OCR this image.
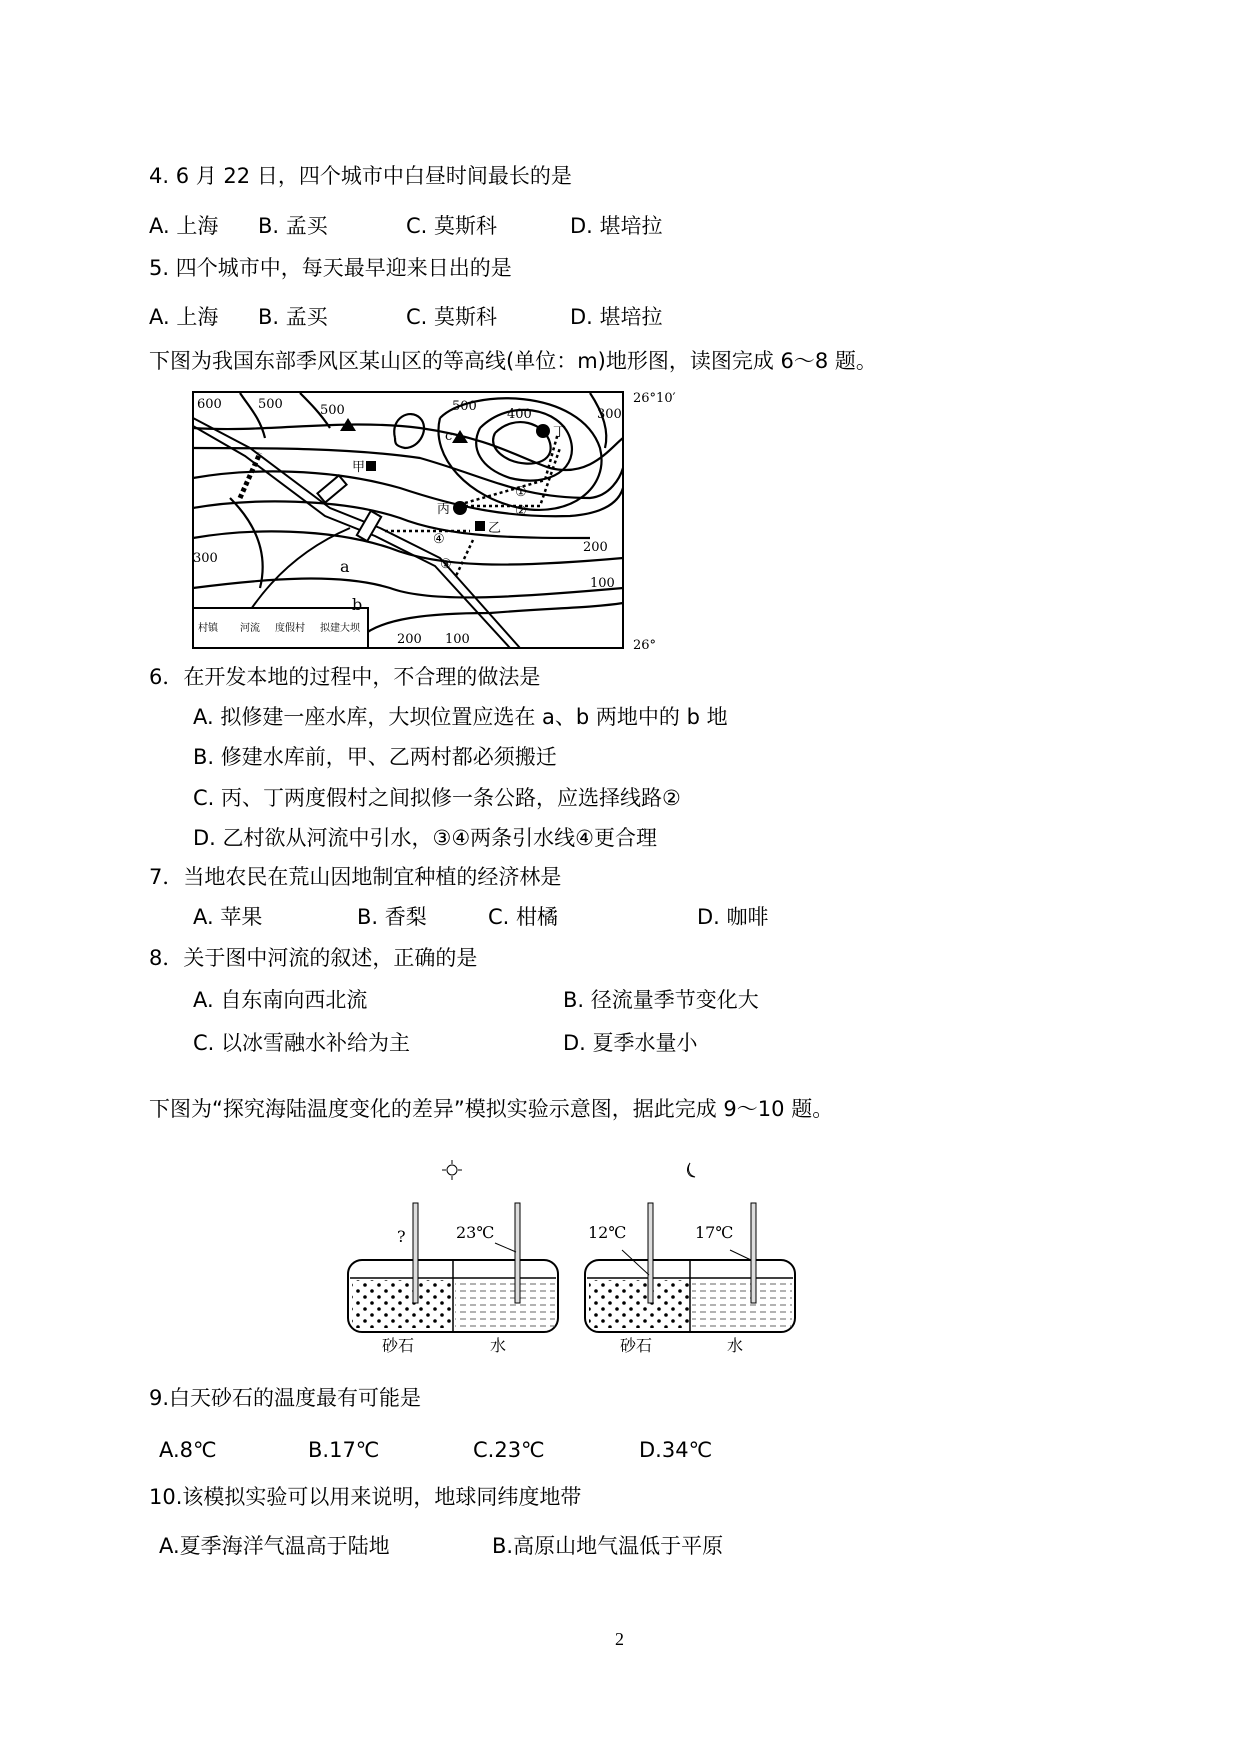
4. 6 月 22 日，四个城市中白昼时间最长的是
A. 上海 B. 孟买	C. 莫斯科	D. 堪培拉
5. 四个城市中，每天最早迎来日出的是
A. 上海 B. 孟买	C. 莫斯科	D. 堪培拉
下图为我国东部季风区某山区的等高线(单位：m)地形图，读图完成 6～8 题。
600	500	500	500
400	300
300
200
100
200 100
26°10′
26°
a
b
c
甲
乙
丙
丁
①
②
③
④
村镇 河流 度假村 拟建大坝
6．在开发本地的过程中，不合理的做法是
A. 拟修建一座水库，大坝位置应选在 a、b 两地中的 b 地
B. 修建水库前，甲、乙两村都必须搬迁
C. 丙、丁两度假村之间拟修一条公路，应选择线路②
D. 乙村欲从河流中引水，③④两条引水线④更合理
7．当地农民在荒山因地制宜种植的经济林是
A. 苹果	B. 香梨	C. 柑橘	D. 咖啡
8．关于图中河流的叙述，正确的是
A. 自东南向西北流	B. 径流量季节变化大
C. 以冰雪融水补给为主	D. 夏季水量小
下图为“探究海陆温度变化的差异”模拟实验示意图，据此完成 9～10 题。
?	23℃	12℃	17℃
砂石	水	砂石	水
9.白天砂石的温度最有可能是
A.8℃	B.17℃	C.23℃	D.34℃
10.该模拟实验可以用来说明，地球同纬度地带
A.夏季海洋气温高于陆地	B.高原山地气温低于平原
2
